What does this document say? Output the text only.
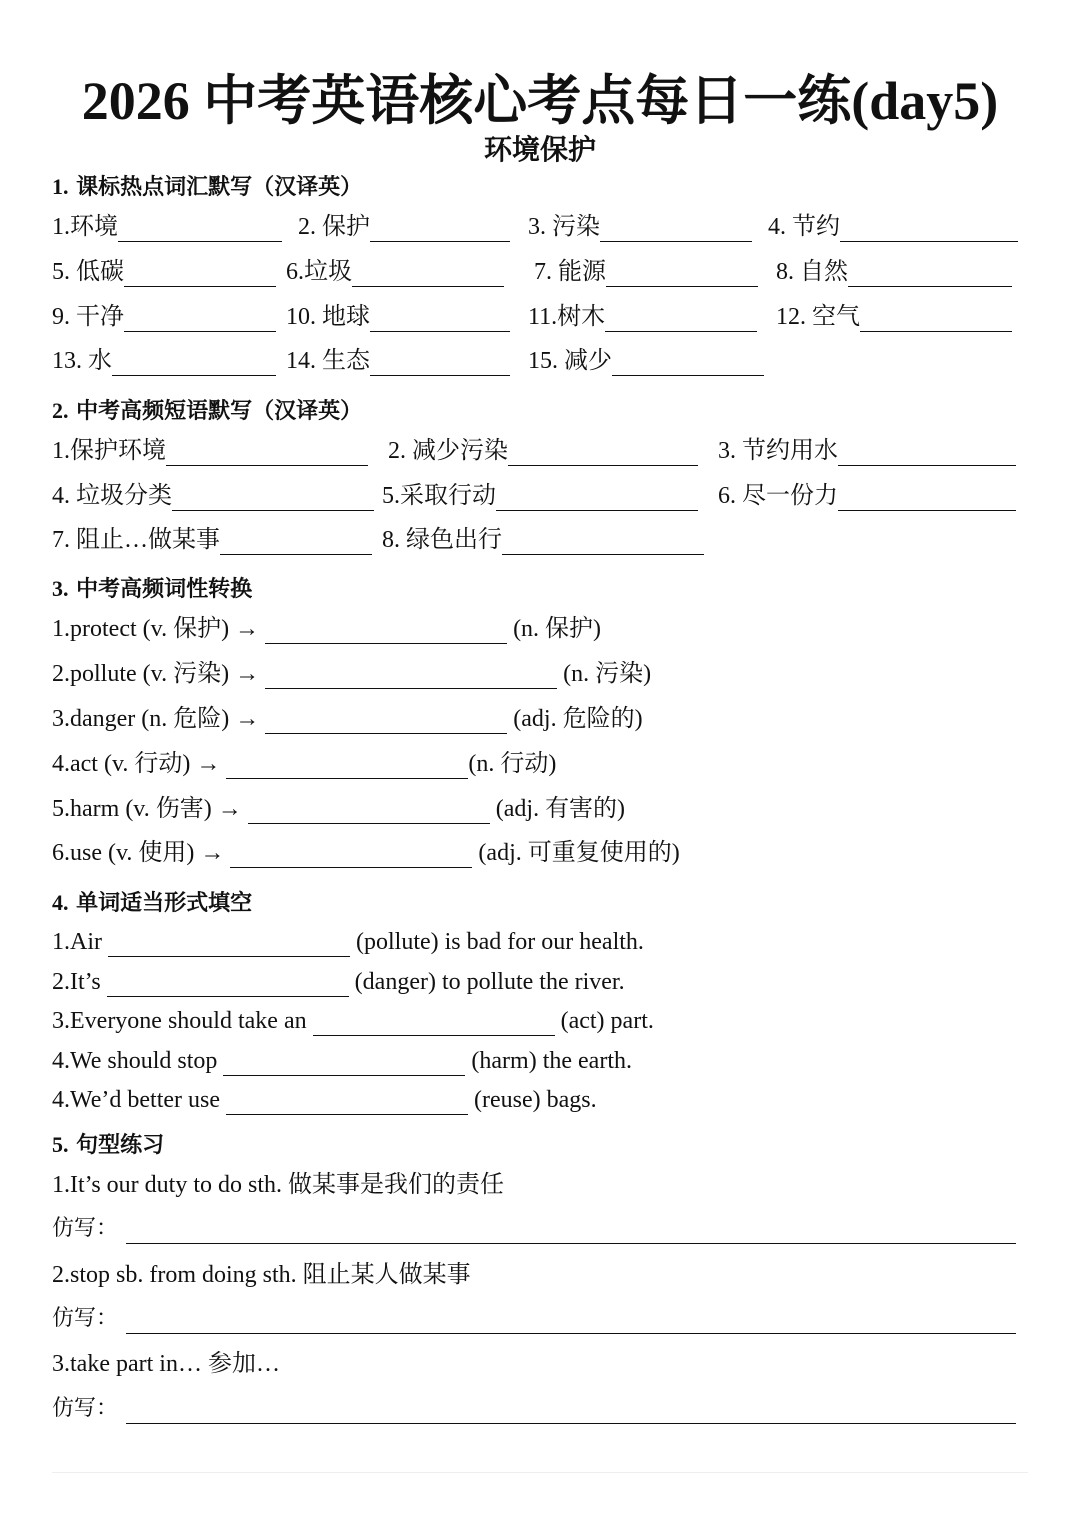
2026 中考英语核心考点每日一练(day5)
环境保护
1. 课标热点词汇默写（汉译英）
1.环境	2. 保护	3. 污染	4. 节约
5. 低碳	6.垃圾	7. 能源	8. 自然
9. 干净	10. 地球	11.树木	12. 空气
13. 水	14. 生态	15. 减少
2. 中考高频短语默写（汉译英）
1.保护环境	2. 减少污染	3. 节约用水
4. 垃圾分类	5.采取行动	6. 尽一份力
7. 阻止…做某事	8. 绿色出行
3. 中考高频词性转换
1.protect (v. 保护) →

	(n. 保护)
2.pollute (v. 污染) →

	(n. 污染)
3.danger (n. 危险) →

	(adj. 危险的)
4.act (v. 行动) →
	(n. 行动)
5.harm (v. 伤害) →

	(adj. 有害的)
6.use (v. 使用) →

	(adj. 可重复使用的)
4. 单词适当形式填空
1.Air

	(pollute) is bad for our health.
2.It’s

	(danger) to pollute the river.
3.Everyone should take an

	(act) part.
4.We should stop

	(harm) the earth.
4.We’d better use

	(reuse) bags.
5. 句型练习
1.It’s our duty to do sth. 做某事是我们的责任
仿写：
2.stop sb. from doing sth. 阻止某人做某事
仿写：
3.take part in… 参加…
仿写：
